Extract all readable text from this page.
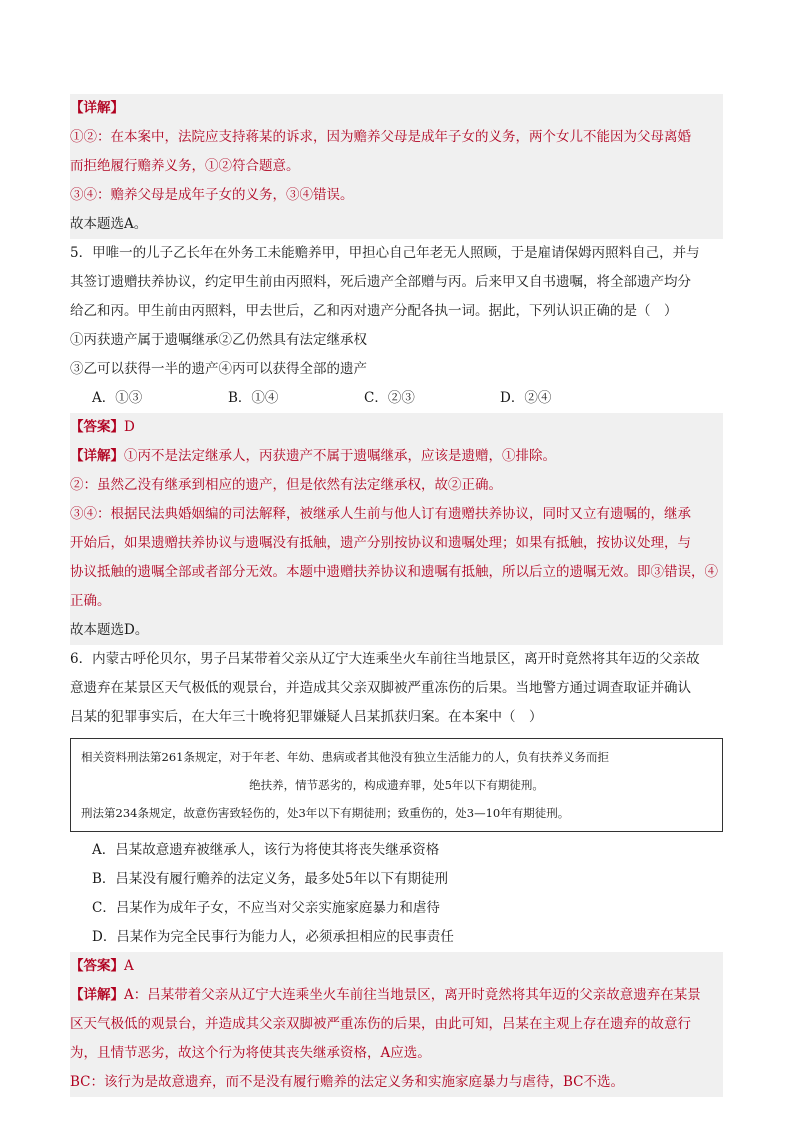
【详解】
①②：在本案中，法院应支持蒋某的诉求，因为赡养父母是成年子女的义务，两个女儿不能因为父母离婚
而拒绝履行赡养义务，①②符合题意。
③④：赡养父母是成年子女的义务，③④错误。
故本题选A。
5．甲唯一的儿子乙长年在外务工未能赡养甲，甲担心自己年老无人照顾，于是雇请保姆丙照料自己，并与
其签订遗赠扶养协议，约定甲生前由丙照料，死后遗产全部赠与丙。后来甲又自书遗嘱，将全部遗产均分
给乙和丙。甲生前由丙照料，甲去世后，乙和丙对遗产分配各执一词。据此，下列认识正确的是（　）
①丙获遗产属于遗嘱继承②乙仍然具有法定继承权
③乙可以获得一半的遗产④丙可以获得全部的遗产
A．①③	B．①④	C．②③	D．②④
【答案】D
【详解】①丙不是法定继承人，丙获遗产不属于遗嘱继承，应该是遗赠，①排除。
②：虽然乙没有继承到相应的遗产，但是依然有法定继承权，故②正确。
③④：根据民法典婚姻编的司法解释，被继承人生前与他人订有遗赠扶养协议，同时又立有遗嘱的，继承
开始后，如果遗赠扶养协议与遗嘱没有抵触，遗产分别按协议和遗嘱处理；如果有抵触，按协议处理，与
协议抵触的遗嘱全部或者部分无效。本题中遗赠扶养协议和遗嘱有抵触，所以后立的遗嘱无效。即③错误，④
正确。
故本题选D。
6．内蒙古呼伦贝尔，男子吕某带着父亲从辽宁大连乘坐火车前往当地景区，离开时竟然将其年迈的父亲故
意遗弃在某景区天气极低的观景台，并造成其父亲双脚被严重冻伤的后果。当地警方通过调查取证并确认
吕某的犯罪事实后，在大年三十晚将犯罪嫌疑人吕某抓获归案。在本案中（　）
相关资料刑法第261条规定，对于年老、年幼、患病或者其他没有独立生活能力的人，负有扶养义务而拒
绝扶养，情节恶劣的，构成遗弃罪，处5年以下有期徒刑。
刑法第234条规定，故意伤害致轻伤的，处3年以下有期徒刑；致重伤的，处3—10年有期徒刑。
A．吕某故意遗弃被继承人，该行为将使其将丧失继承资格
B．吕某没有履行赡养的法定义务，最多处5年以下有期徒刑
C．吕某作为成年子女，不应当对父亲实施家庭暴力和虐待
D．吕某作为完全民事行为能力人，必须承担相应的民事责任
【答案】A
【详解】A：吕某带着父亲从辽宁大连乘坐火车前往当地景区，离开时竟然将其年迈的父亲故意遗弃在某景
区天气极低的观景台，并造成其父亲双脚被严重冻伤的后果，由此可知，吕某在主观上存在遗弃的故意行
为，且情节恶劣，故这个行为将使其丧失继承资格，A应选。
BC：该行为是故意遗弃，而不是没有履行赡养的法定义务和实施家庭暴力与虐待，BC不选。
